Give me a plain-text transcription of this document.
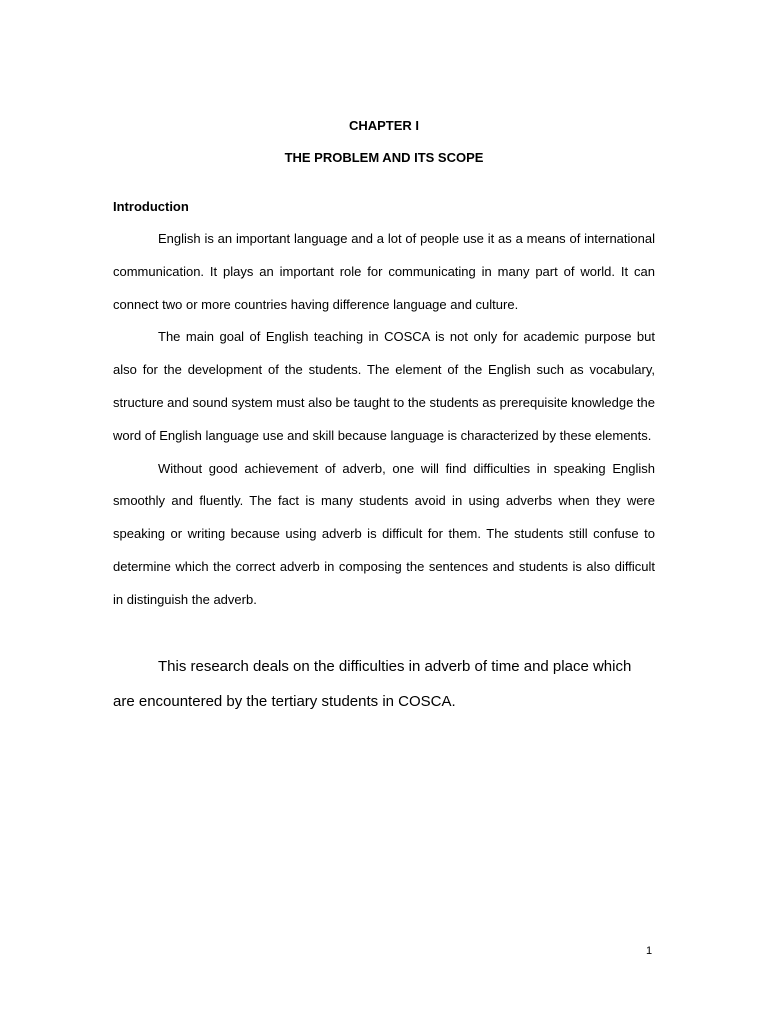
CHAPTER I
THE PROBLEM AND ITS SCOPE
Introduction

English is an important language and a lot of people use it as a means of international communication. It plays an important role for communicating in many part of world. It can connect two or more countries having difference language and culture.

The main goal of English teaching in COSCA is not only for academic purpose but also for the development of the students. The element of the English such as vocabulary, structure and sound system must also be taught to the students as prerequisite knowledge the word of English language use and skill because language is characterized by these elements.

Without good achievement of adverb, one will find difficulties in speaking English smoothly and fluently. The fact is many students avoid in using adverbs when they were speaking or writing because using adverb is difficult for them. The students still confuse to determine which the correct adverb in composing the sentences and students is also difficult in distinguish the adverb.

This research deals on the difficulties in adverb of time and place which are encountered by the tertiary students in COSCA.

1
